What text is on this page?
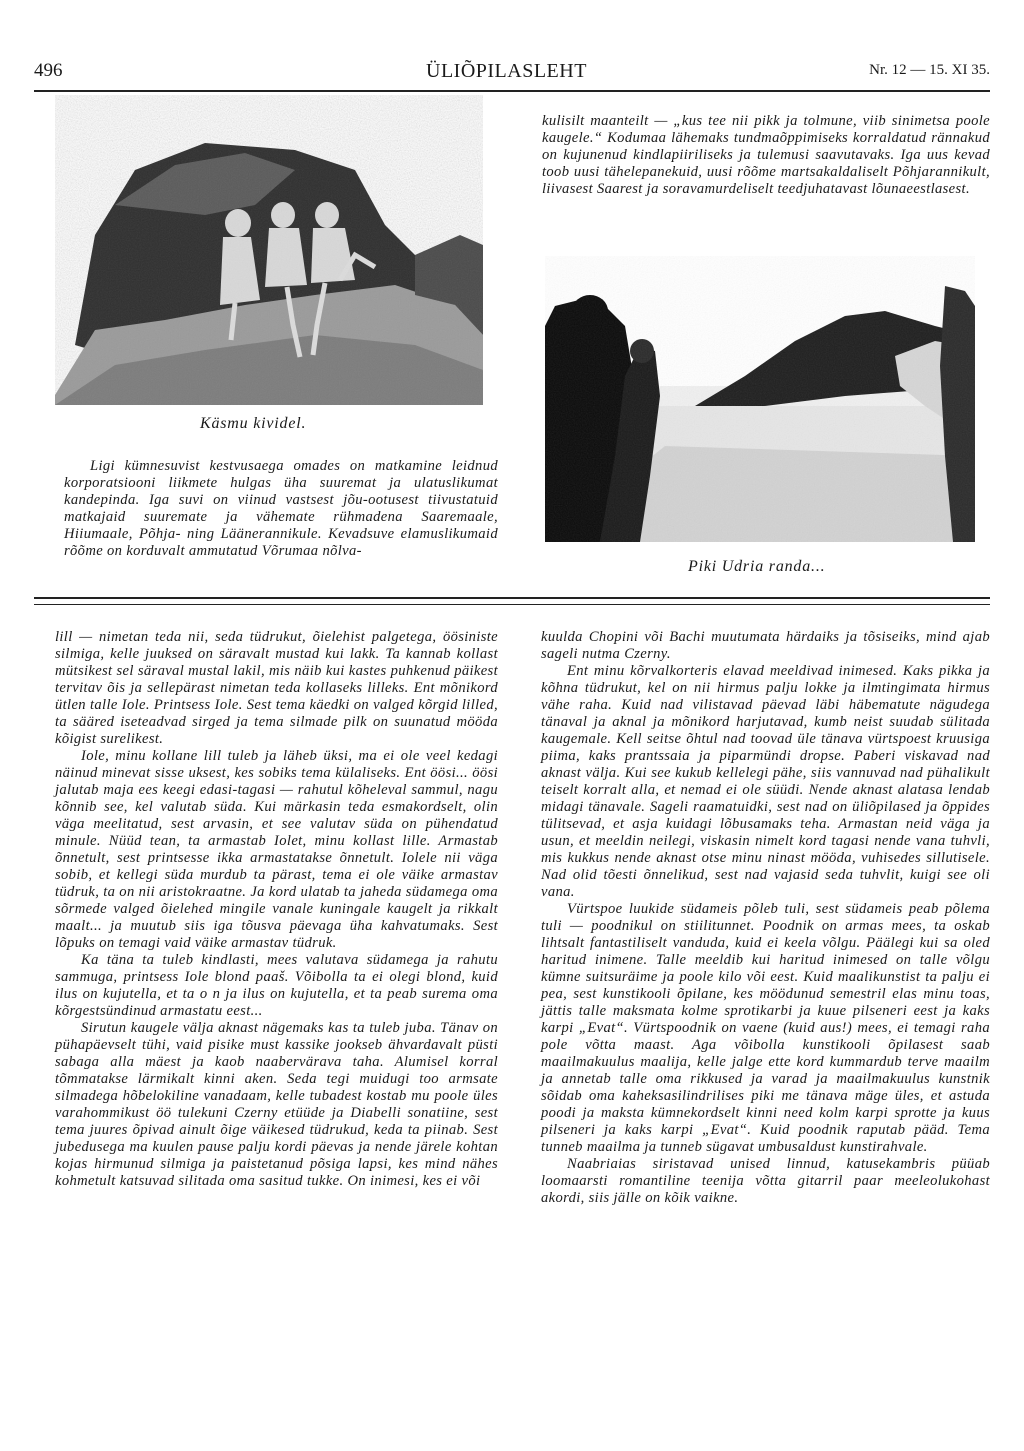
496	ÜLIÕPILASLEHT	Nr. 12 — 15. XI 35.
Käsmu kividel.
Piki Udria randa...

kulisilt maanteilt — „kus tee nii pikk ja tolmune, viib sinimetsa poole kaugele.“ Kodumaa lähemaks tundmaõppimiseks korraldatud rännakud on kujunenud kindlapiiriliseks ja tulemusi saavutavaks. Iga uus kevad toob uusi tähelepanekuid, uusi rõõme martsakaldaliselt Põhjarannikult, liivasest Saarest ja soravamurdeliselt teedjuhatavast lõunaeestlasest.

Ligi kümnesuvist kestvusaega omades on matkamine leidnud korporatsiooni liikmete hulgas üha suuremat ja ulatuslikumat kandepinda. Iga suvi on viinud vastsest jõu-ootusest tiivustatuid matkajaid suuremate ja vähemate rühmadena Saaremaale, Hiiumaale, Põhja- ning Läänerannikule. Kevadsuve elamuslikumaid rõõme on korduvalt ammutatud Võrumaa nõlva-

lill — nimetan teda nii, seda tüdrukut, õielehist palgetega, öösiniste silmiga, kelle juuksed on säravalt mustad kui lakk. Ta kannab kollast mütsikest sel säraval mustal lakil, mis näib kui kastes puhkenud päikest tervitav õis ja sellepärast nimetan teda kollaseks lilleks. Ent mõnikord ütlen talle Iole. Printsess Iole. Sest tema käedki on valged kõrgid lilled, ta sääred iseteadvad sirged ja tema silmade pilk on suunatud mööda kõigist surelikest.

Iole, minu kollane lill tuleb ja läheb üksi, ma ei ole veel kedagi näinud minevat sisse uksest, kes sobiks tema külaliseks. Ent öösi... öösi jalutab maja ees keegi edasi-tagasi — rahutul kõheleval sammul, nagu kõnnib see, kel valutab süda. Kui märkasin teda esmakordselt, olin väga meelitatud, sest arvasin, et see valutav süda on pühendatud minule. Nüüd tean, ta armastab Iolet, minu kollast lille. Armastab õnnetult, sest printsesse ikka armastatakse õnnetult. Iolele nii väga sobib, et kellegi süda murdub ta pärast, tema ei ole väike armastav tüdruk, ta on nii aristokraatne. Ja kord ulatab ta jaheda südamega oma sõrmede valged õielehed mingile vanale kuningale kaugelt ja rikkalt maalt... ja muutub siis iga tõusva päevaga üha kahvatumaks. Sest lõpuks on temagi vaid väike armastav tüdruk.

Ka täna ta tuleb kindlasti, mees valutava südamega ja rahutu sammuga, printsess Iole blond paaš. Võibolla ta ei olegi blond, kuid ilus on kujutella, et ta o n ja ilus on kujutella, et ta peab surema oma kõrgestsündinud armastatu eest...

Sirutun kaugele välja aknast nägemaks kas ta tuleb juba. Tänav on pühapäevselt tühi, vaid pisike must kassike jookseb ähvardavalt püsti sabaga alla mäest ja kaob naabervärava taha. Alumisel korral tõmmatakse lärmikalt kinni aken. Seda tegi muidugi too armsate silmadega hõbelokiline vanadaam, kelle tubadest kostab mu poole üles varahommikust öö tulekuni Czerny etüüde ja Diabelli sonatiine, sest tema juures õpivad ainult õige väikesed tüdrukud, keda ta piinab. Sest jubedusega ma kuulen pause palju kordi päevas ja nende järele kohtan kojas hirmunud silmiga ja paistetanud põsiga lapsi, kes mind nähes kohmetult katsuvad silitada oma sasitud tukke. On inimesi, kes ei või

kuulda Chopini või Bachi muutumata härdaiks ja tõsiseiks, mind ajab sageli nutma Czerny.

Ent minu kõrvalkorteris elavad meeldivad inimesed. Kaks pikka ja kõhna tüdrukut, kel on nii hirmus palju lokke ja ilmtingimata hirmus vähe raha. Kuid nad vilistavad päevad läbi häbematute nägudega tänaval ja aknal ja mõnikord harjutavad, kumb neist suudab sülitada kaugemale. Kell seitse õhtul nad toovad üle tänava vürtspoest kruusiga piima, kaks prantssaia ja piparmündi dropse. Paberi viskavad nad aknast välja. Kui see kukub kellelegi pähe, siis vannuvad nad pühalikult teiselt korralt alla, et nemad ei ole süüdi. Nende aknast alatasa lendab midagi tänavale. Sageli raamatuidki, sest nad on üliõpilased ja õppides tülitsevad, et asja kuidagi lõbusamaks teha. Armastan neid väga ja usun, et meeldin neilegi, viskasin nimelt kord tagasi nende vana tuhvli, mis kukkus nende aknast otse minu ninast mööda, vuhisedes sillutisele. Nad olid tõesti õnnelikud, sest nad vajasid seda tuhvlit, kuigi see oli vana.

Vürtspoe luukide südameis põleb tuli, sest südameis peab põlema tuli — poodnikul on stiilitunnet. Poodnik on armas mees, ta oskab lihtsalt fantastiliselt vanduda, kuid ei keela võlgu. Päälegi kui sa oled haritud inimene. Talle meeldib kui haritud inimesed on talle võlgu kümne suitsuräime ja poole kilo või eest. Kuid maalikunstist ta palju ei pea, sest kunstikooli õpilane, kes möödunud semestril elas minu toas, jättis talle maksmata kolme sprotikarbi ja kuue pilseneri eest ja kaks karpi „Evat“. Vürtspoodnik on vaene (kuid aus!) mees, ei temagi raha pole võtta maast. Aga võibolla kunstikooli õpilasest saab maailmakuulus maalija, kelle jalge ette kord kummardub terve maailm ja annetab talle oma rikkused ja varad ja maailmakuulus kunstnik sõidab oma kaheksasilindrilises piki me tänava mäge üles, et astuda poodi ja maksta kümnekordselt kinni need kolm karpi sprotte ja kuus pilseneri ja kaks karpi „Evat“. Kuid poodnik raputab pääd. Tema tunneb maailma ja tunneb sügavat umbusaldust kunstirahvale.

Naabriaias siristavad unised linnud, katusekambris püüab loomaarsti romantiline teenija võtta gitarril paar meeleolukohast akordi, siis jälle on kõik vaikne.
